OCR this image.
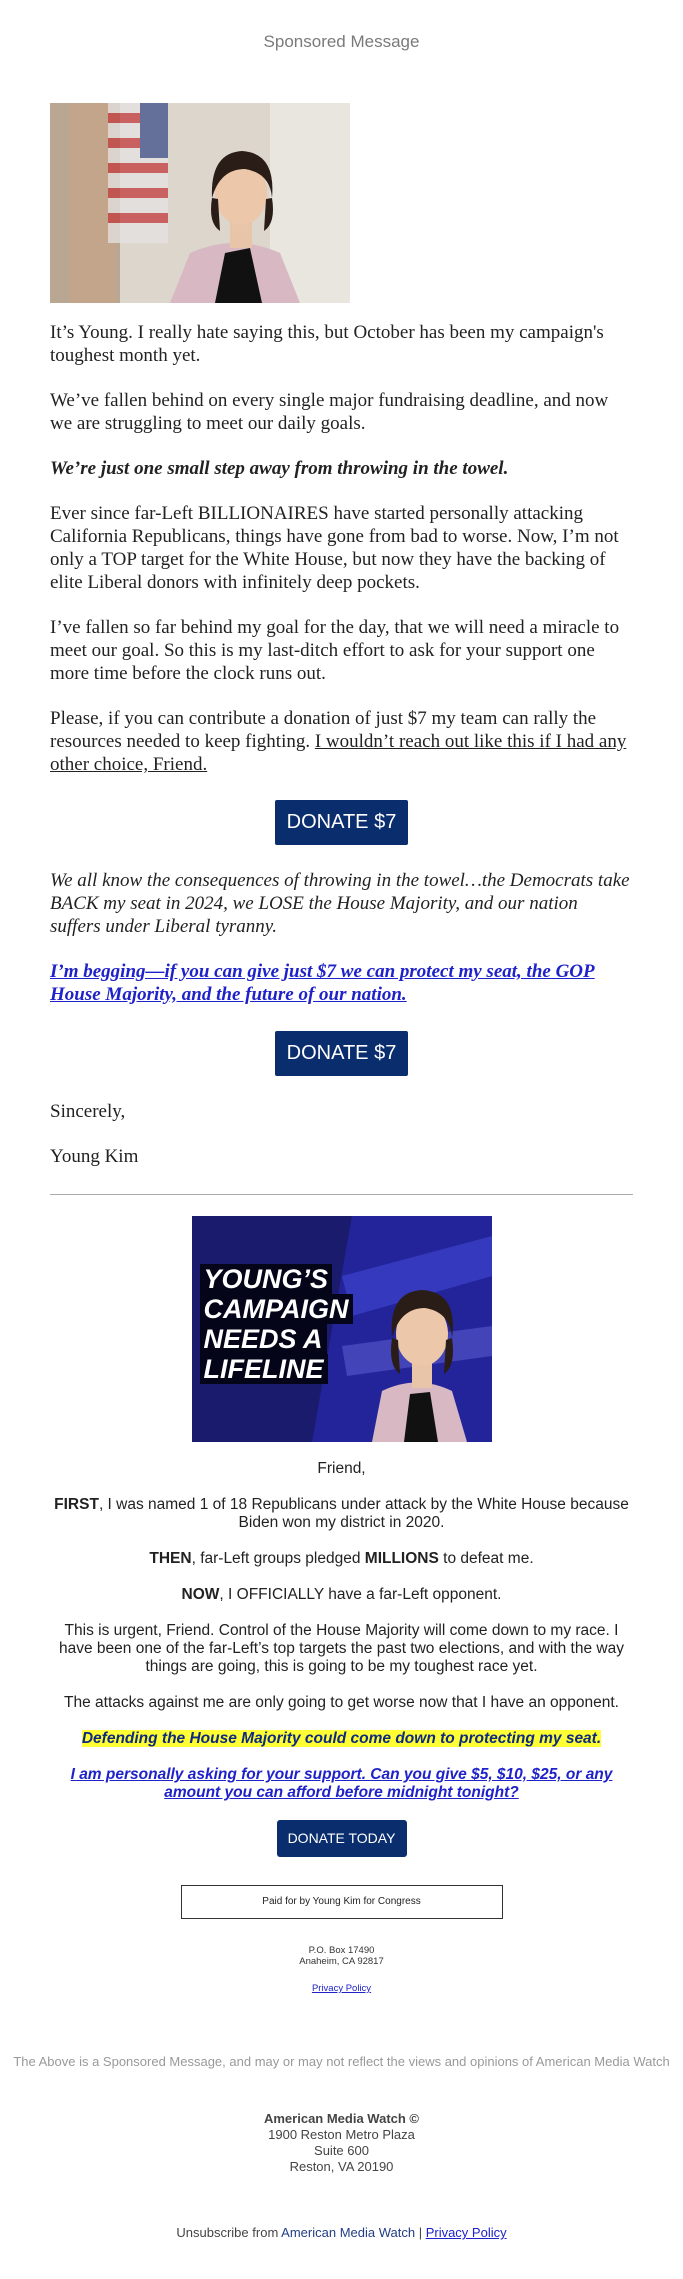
Sponsored Message

It’s Young. I really hate saying this, but October has been my campaign's toughest month yet.

We’ve fallen behind on every single major fundraising deadline, and now we are struggling to meet our daily goals.

We’re just one small step away from throwing in the towel.

Ever since far-Left BILLIONAIRES have started personally attacking California Republicans, things have gone from bad to worse. Now, I’m not only a TOP target for the White House, but now they have the backing of elite Liberal donors with infinitely deep pockets.

I’ve fallen so far behind my goal for the day, that we will need a miracle to meet our goal. So this is my last-ditch effort to ask for your support one more time before the clock runs out.

Please, if you can contribute a donation of just $7 my team can rally the resources needed to keep fighting. I wouldn’t reach out like this if I had any other choice, Friend.

DONATE $7

We all know the consequences of throwing in the towel…the Democrats take BACK my seat in 2024, we LOSE the House Majority, and our nation suffers under Liberal tyranny.

I’m begging—if you can give just $7 we can protect my seat, the GOP House Majority, and the future of our nation.

DONATE $7

Sincerely,

Young Kim

YOUNG’S
CAMPAIGN
NEEDS A
LIFELINE

Friend,

FIRST, I was named 1 of 18 Republicans under attack by the White House because Biden won my district in 2020.

THEN, far-Left groups pledged MILLIONS to defeat me.

NOW, I OFFICIALLY have a far-Left opponent.

This is urgent, Friend. Control of the House Majority will come down to my race. I have been one of the far-Left’s top targets the past two elections, and with the way things are going, this is going to be my toughest race yet.

The attacks against me are only going to get worse now that I have an opponent.

Defending the House Majority could come down to protecting my seat.

I am personally asking for your support. Can you give $5, $10, $25, or any amount you can afford before midnight tonight?

DONATE TODAY
Paid for by Young Kim for Congress

P.O. Box 17490

Anaheim, CA 92817

Privacy Policy

The Above is a Sponsored Message, and may or may not reflect the views and opinions of American Media Watch

American Media Watch ©

1900 Reston Metro Plaza

Suite 600

Reston, VA 20190

Unsubscribe from American Media Watch | Privacy Policy
